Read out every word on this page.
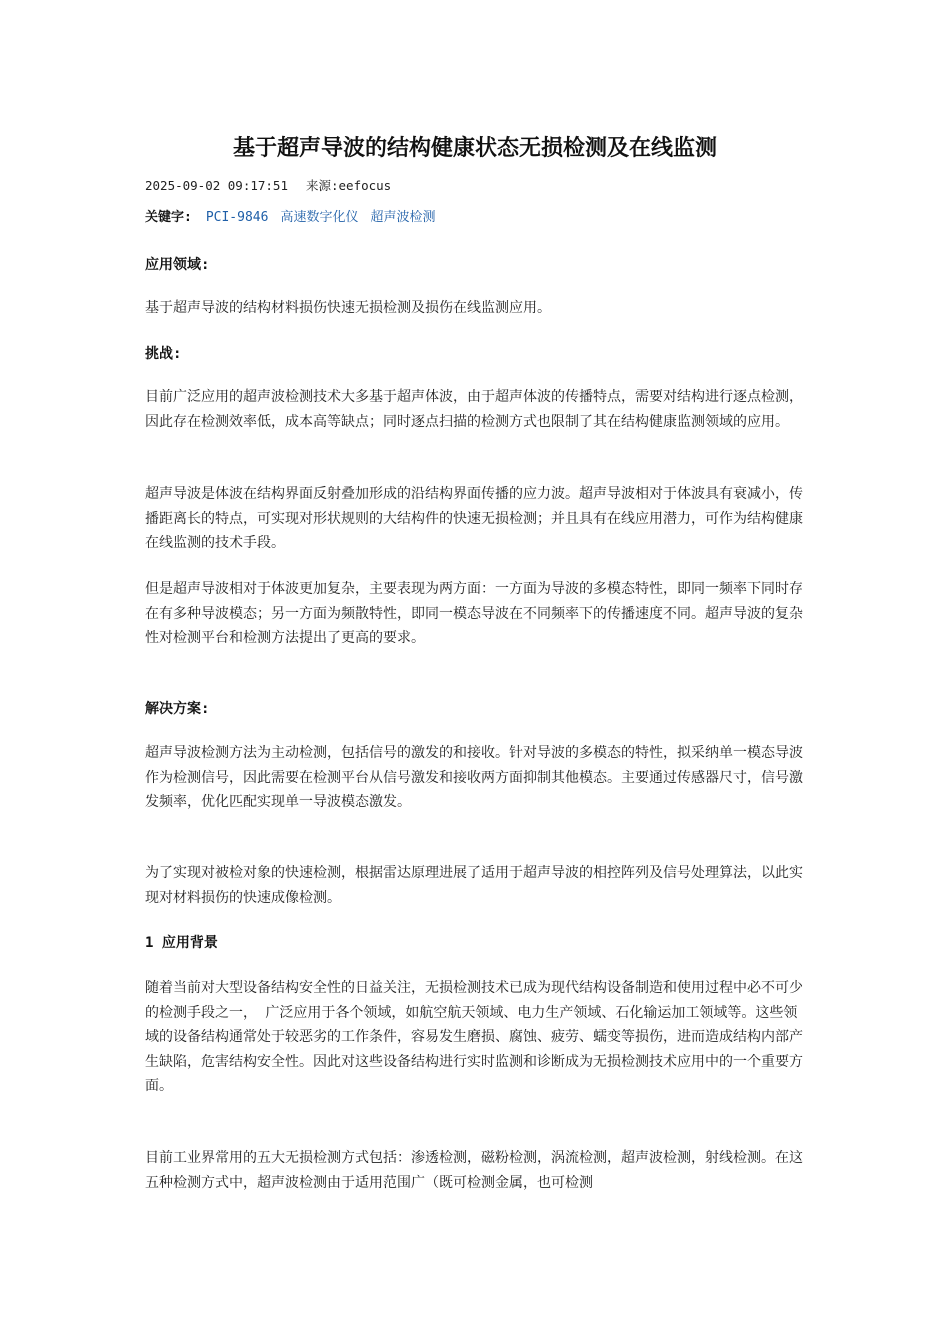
基于超声导波的结构健康状态无损检测及在线监测
2025-09-02 09:17:51 来源:eefocus
关键字: PCI-9846 高速数字化仪 超声波检测
应用领域:
基于超声导波的结构材料损伤快速无损检测及损伤在线监测应用。
挑战:
目前广泛应用的超声波检测技术大多基于超声体波，由于超声体波的传播特点，需要对结构进行逐点检测，因此存在检测效率低，成本高等缺点；同时逐点扫描的检测方式也限制了其在结构健康监测领域的应用。
超声导波是体波在结构界面反射叠加形成的沿结构界面传播的应力波。超声导波相对于体波具有衰减小，传播距离长的特点，可实现对形状规则的大结构件的快速无损检测；并且具有在线应用潜力，可作为结构健康在线监测的技术手段。
但是超声导波相对于体波更加复杂，主要表现为两方面：一方面为导波的多模态特性，即同一频率下同时存在有多种导波模态；另一方面为频散特性，即同一模态导波在不同频率下的传播速度不同。超声导波的复杂性对检测平台和检测方法提出了更高的要求。
解决方案:
超声导波检测方法为主动检测，包括信号的激发的和接收。针对导波的多模态的特性，拟采纳单一模态导波作为检测信号，因此需要在检测平台从信号激发和接收两方面抑制其他模态。主要通过传感器尺寸，信号激发频率，优化匹配实现单一导波模态激发。
为了实现对被检对象的快速检测，根据雷达原理进展了适用于超声导波的相控阵列及信号处理算法，以此实现对材料损伤的快速成像检测。
1 应用背景
随着当前对大型设备结构安全性的日益关注，无损检测技术已成为现代结构设备制造和使用过程中必不可少的检测手段之一， 广泛应用于各个领域，如航空航天领域、电力生产领域、石化输运加工领域等。这些领域的设备结构通常处于较恶劣的工作条件，容易发生磨损、腐蚀、疲劳、蠕变等损伤，进而造成结构内部产生缺陷，危害结构安全性。因此对这些设备结构进行实时监测和诊断成为无损检测技术应用中的一个重要方面。
目前工业界常用的五大无损检测方式包括：渗透检测，磁粉检测，涡流检测，超声波检测，射线检测。在这五种检测方式中，超声波检测由于适用范围广（既可检测金属，也可检测
